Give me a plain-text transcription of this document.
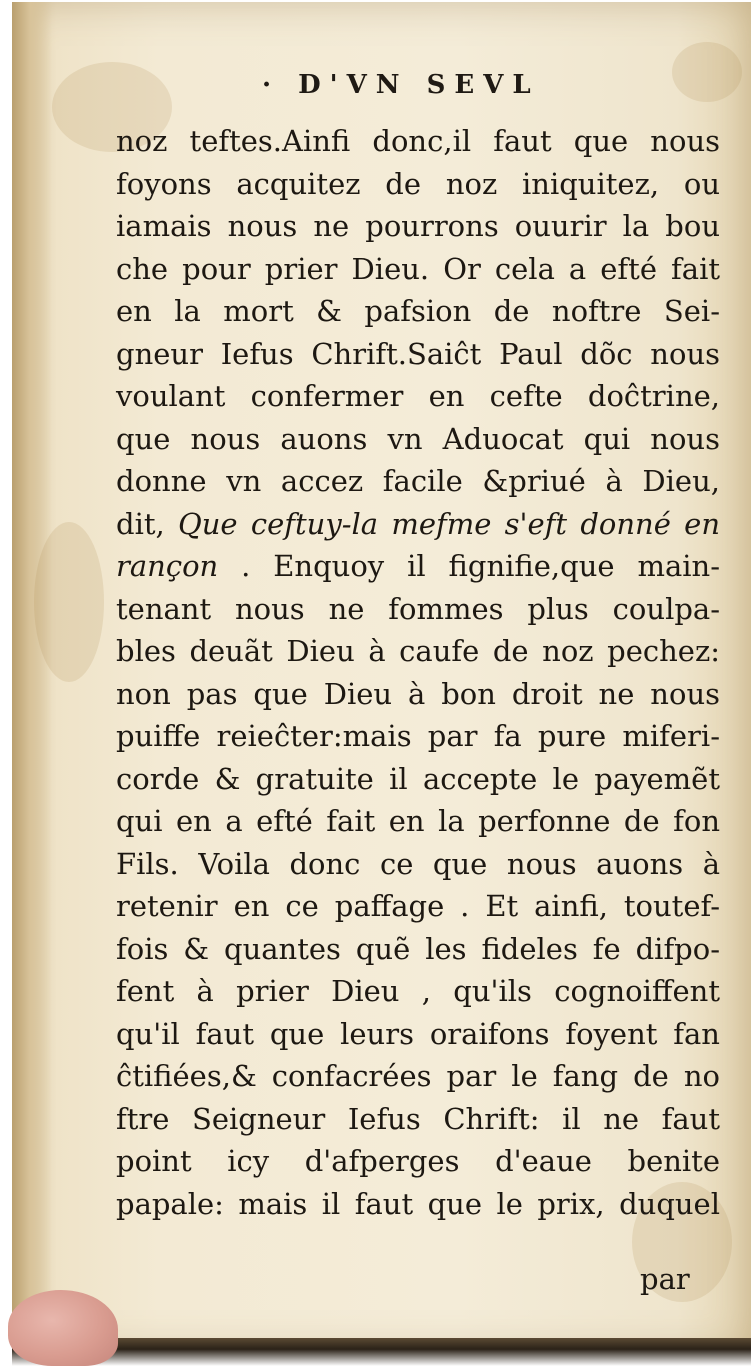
· D'VN SEVL
noz teftes.Ainfi donc,il faut que nous
foyons acquitez de noz iniquitez, ou
iamais nous ne pourrons ouurir la bou
che pour prier Dieu. Or cela a efté fait
en la mort & pafsion de noftre Sei-
gneur Iefus Chrift.Saiĉt Paul dõc nous
voulant confermer en cefte doĉtrine,
que nous auons vn Aduocat qui nous
donne vn accez facile &priué à Dieu,
dit, Que ceftuy-la mefme s'eft donné en
rançon . Enquoy il fignifie,que main-
tenant nous ne fommes plus coulpa-
bles deuãt Dieu à caufe de noz pechez:
non pas que Dieu à bon droit ne nous
puiffe reieĉter:mais par fa pure miferi-
corde & gratuite il accepte le payemẽt
qui en a efté fait en la perfonne de fon
Fils. Voila donc ce que nous auons à
retenir en ce paffage . Et ainfi, toutef-
fois & quantes quẽ les fideles fe difpo-
fent à prier Dieu , qu'ils cognoiffent
qu'il faut que leurs oraifons foyent fan
ĉtifiées,& confacrées par le fang de no
ftre Seigneur Iefus Chrift: il ne faut
point icy d'afperges d'eaue benite
papale: mais il faut que le prix, duquel
par
